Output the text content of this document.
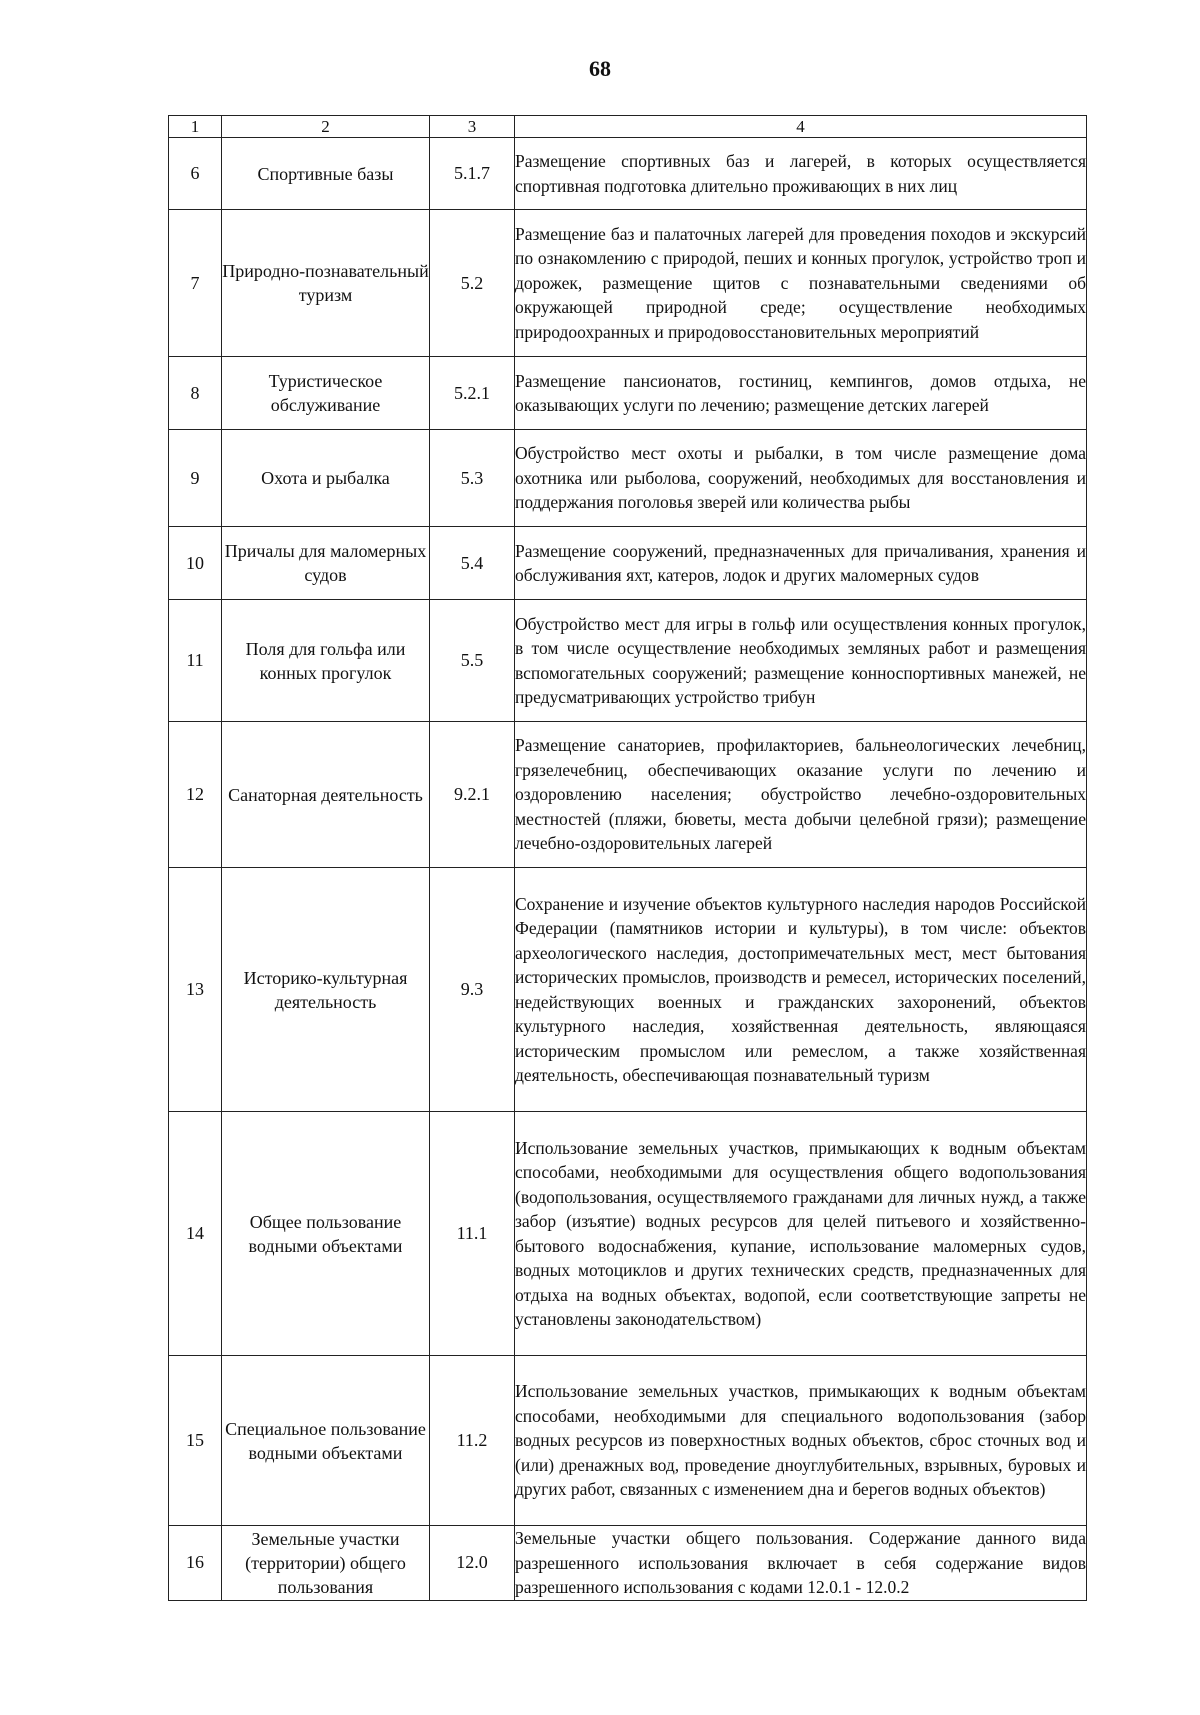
68
1	2	3	4
6	Спортивные базы	5.1.7	Размещение спортивных баз и лагерей, в которых осуществляется спортивная подготовка длительно проживающих в них лиц

7	Природно-познавательный туризм	5.2	Размещение баз и палаточных лагерей для проведения походов и экскурсий по ознакомлению с природой, пеших и конных прогулок, устройство троп и дорожек, размещение щитов с познавательными сведениями об окружающей природной среде; осуществление необходимых природоохранных и природовосстановительных мероприятий

8	Туристическое обслуживание	5.2.1	Размещение пансионатов, гостиниц, кемпингов, домов отдыха, не оказывающих услуги по лечению; размещение детских лагерей

9	Охота и рыбалка	5.3	Обустройство мест охоты и рыбалки, в том числе размещение дома охотника или рыболова, сооружений, необходимых для восстановления и поддержания поголовья зверей или количества рыбы

10	Причалы для маломерных судов	5.4	Размещение сооружений, предназначенных для причаливания, хранения и обслуживания яхт, катеров, лодок и других маломерных судов

11	Поля для гольфа или конных прогулок	5.5	Обустройство мест для игры в гольф или осуществления конных прогулок, в том числе осуществление необходимых земляных работ и размещения вспомогательных сооружений; размещение конноспортивных манежей, не предусматривающих устройство трибун

12	Санаторная деятельность	9.2.1	Размещение санаториев, профилакториев, бальнеологических лечебниц, грязелечебниц, обеспечивающих оказание услуги по лечению и оздоровлению населения; обустройство лечебно-оздоровительных местностей (пляжи, бюветы, места добычи целебной грязи); размещение лечебно-оздоровительных лагерей

13	Историко-культурная деятельность	9.3	Сохранение и изучение объектов культурного наследия народов Российской Федерации (памятников истории и культуры), в том числе: объектов археологического наследия, достопримечательных мест, мест бытования исторических промыслов, производств и ремесел, исторических поселений, недействующих военных и гражданских захоронений, объектов культурного наследия, хозяйственная деятельность, являющаяся историческим промыслом или ремеслом, а также хозяйственная деятельность, обеспечивающая познавательный туризм

14	Общее пользование водными объектами	11.1	Использование земельных участков, примыкающих к водным объектам способами, необходимыми для осуществления общего водопользования (водопользования, осуществляемого гражданами для личных нужд, а также забор (изъятие) водных ресурсов для целей питьевого и хозяйственно-бытового водоснабжения, купание, использование маломерных судов, водных мотоциклов и других технических средств, предназначенных для отдыха на водных объектах, водопой, если соответствующие запреты не установлены законодательством)

15	Специальное пользование водными объектами	11.2	Использование земельных участков, примыкающих к водным объектам способами, необходимыми для специального водопользования (забор водных ресурсов из поверхностных водных объектов, сброс сточных вод и (или) дренажных вод, проведение дноуглубительных, взрывных, буровых и других работ, связанных с изменением дна и берегов водных объектов)

16	Земельные участки (территории) общего пользования	12.0	Земельные участки общего пользования. Содержание данного вида разрешенного использования включает в себя содержание видов разрешенного использования с кодами 12.0.1 - 12.0.2
